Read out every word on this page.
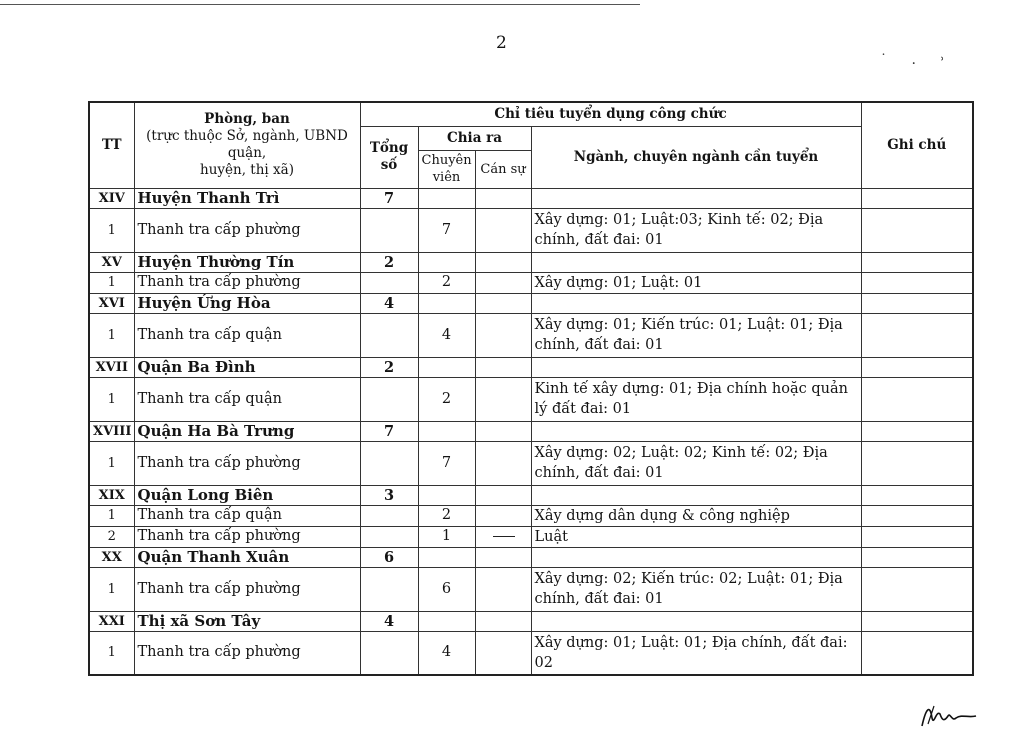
2
˙ . ˒
TT	Phòng, ban
(trực thuộc Sở, ngành, UBND
quận,
huyện, thị xã)	Chỉ tiêu tuyển dụng công chức				Ghi chú
		Tổng số	Chia ra		Ngành, chuyên ngành cần tuyển	
			Chuyên viên	Cán sự		
XIV	Huyện Thanh Trì	7				
1	Thanh tra cấp phường		7		Xây dựng: 01; Luật:03; Kinh tế: 02; Địa chính, đất đai: 01	
XV	Huyện Thường Tín	2				
1	Thanh tra cấp phường		2		Xây dựng: 01; Luật: 01	
XVI	Huyện Ứng Hòa	4				
1	Thanh tra cấp quận		4		Xây dựng: 01; Kiến trúc: 01; Luật: 01; Địa chính, đất đai: 01	
XVII	Quận Ba Đình	2				
1	Thanh tra cấp quận		2		Kinh tế xây dựng: 01; Địa chính hoặc quản lý đất đai: 01	
XVIII	Quận Ha Bà Trưng	7				
1	Thanh tra cấp phường		7		Xây dựng: 02; Luật: 02; Kinh tế: 02; Địa chính, đất đai: 01	
XIX	Quận Long Biên	3				
1	Thanh tra cấp quận		2		Xây dựng dân dụng & công nghiệp	
2	Thanh tra cấp phường		1		Luật	
XX	Quận Thanh Xuân	6				
1	Thanh tra cấp phường		6		Xây dựng: 02; Kiến trúc: 02; Luật: 01; Địa chính, đất đai: 01	
XXI	Thị xã Sơn Tây	4				
1	Thanh tra cấp phường		4		Xây dựng: 01; Luật: 01; Địa chính, đất đai: 02	
